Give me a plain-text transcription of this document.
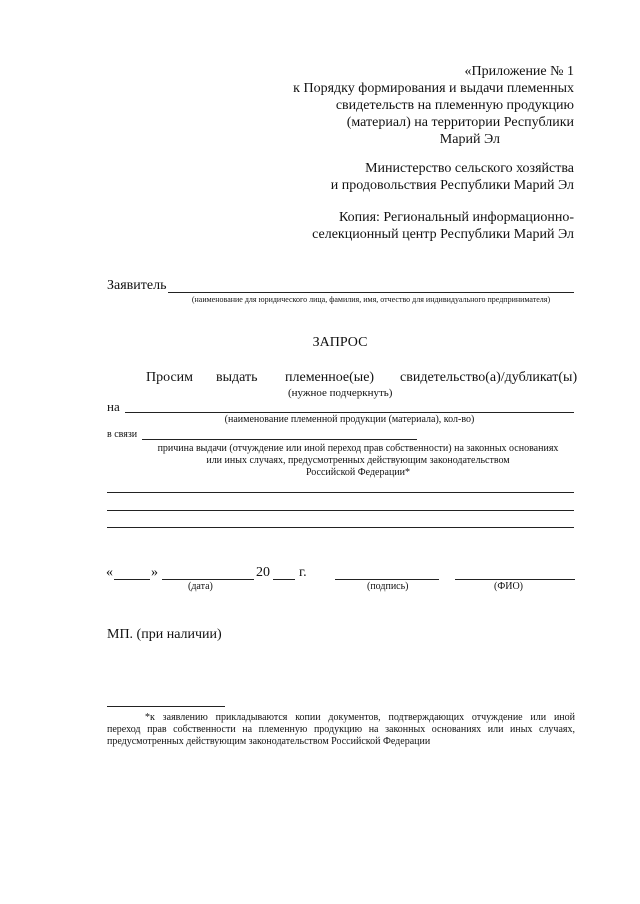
«Приложение № 1
к Порядку формирования и выдачи племенных
свидетельств на племенную продукцию
(материал) на территории Республики
Марий Эл
Министерство сельского хозяйства
и продовольствия Республики Марий Эл
Копия: Региональный информационно-
селекционный центр Республики Марий Эл
Заявитель
(наименование для юридического лица, фамилия, имя, отчество для индивидуального предпринимателя)
ЗАПРОС
Просим выдать племенное(ые) свидетельство(а)/дубликат(ы)
(нужное подчеркнуть)
на
(наименование племенной продукции (материала), кол-во)
в связи
причина выдачи (отчуждение или иной переход прав собственности) на законных основаниях
или иных случаях, предусмотренных действующим законодательством
Российской Федерации*
«	»	20 г.
(дата)	(подпись)	(ФИО)
МП. (при наличии)
*к заявлению прикладываются копии документов, подтверждающих отчуждение или иной
переход прав собственности на племенную продукцию на законных основаниях или иных случаях,
предусмотренных действующим законодательством Российской Федерации
